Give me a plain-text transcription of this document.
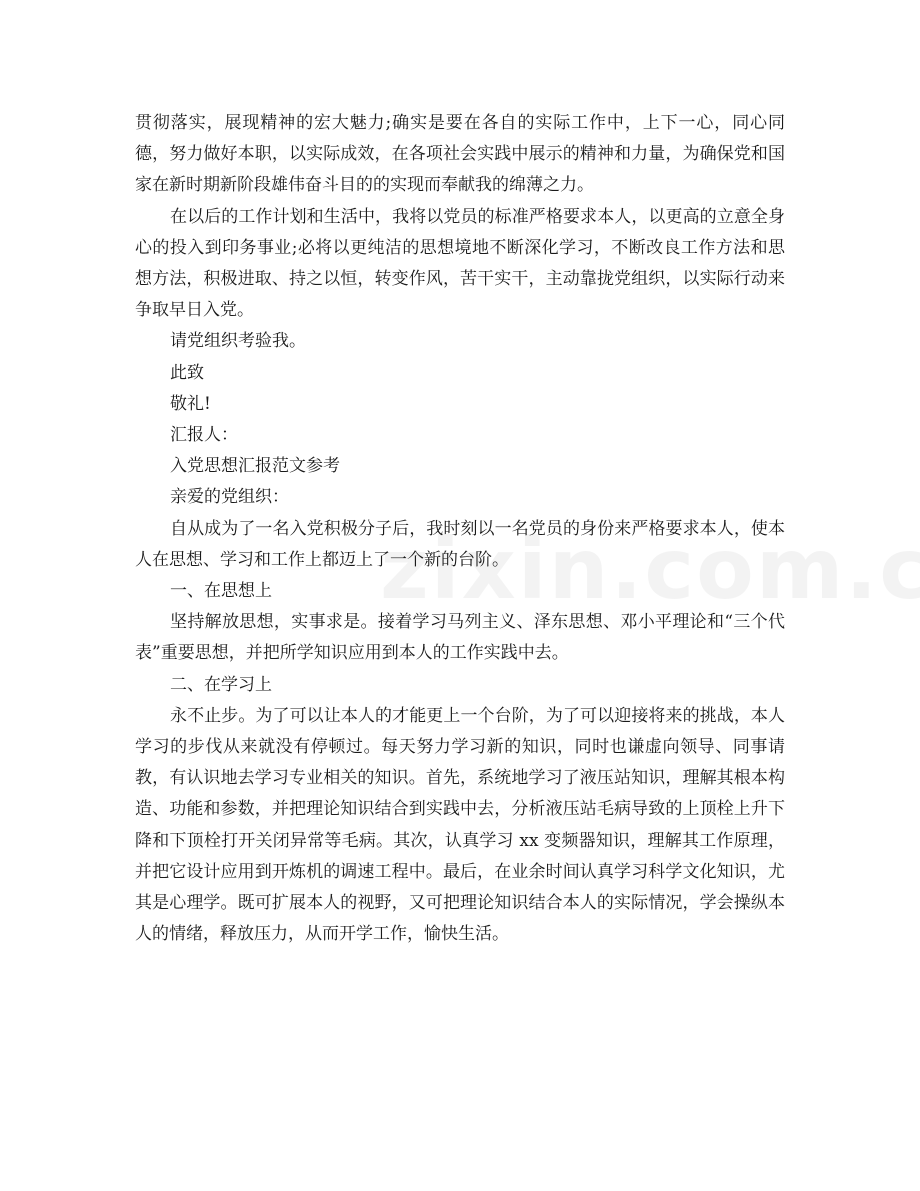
贯彻落实，展现精神的宏大魅力;确实是要在各自的实际工作中，上下一心，同心同德，努力做好本职，以实际成效，在各项社会实践中展示的精神和力量，为确保党和国家在新时期新阶段雄伟奋斗目的的实现而奉献我的绵薄之力。

在以后的工作计划和生活中，我将以党员的标准严格要求本人，以更高的立意全身心的投入到印务事业;必将以更纯洁的思想境地不断深化学习，不断改良工作方法和思想方法，积极进取、持之以恒，转变作风，苦干实干，主动靠拢党组织，以实际行动来争取早日入党。

请党组织考验我。

此致

敬礼!

汇报人：

入党思想汇报范文参考

亲爱的党组织：

自从成为了一名入党积极分子后，我时刻以一名党员的身份来严格要求本人，使本人在思想、学习和工作上都迈上了一个新的台阶。

一、在思想上

坚持解放思想，实事求是。接着学习马列主义、泽东思想、邓小平理论和“三个代表”重要思想，并把所学知识应用到本人的工作实践中去。

二、在学习上

永不止步。为了可以让本人的才能更上一个台阶，为了可以迎接将来的挑战，本人学习的步伐从来就没有停顿过。每天努力学习新的知识，同时也谦虚向领导、同事请教，有认识地去学习专业相关的知识。首先，系统地学习了液压站知识，理解其根本构造、功能和参数，并把理论知识结合到实践中去，分析液压站毛病导致的上顶栓上升下降和下顶栓打开关闭异常等毛病。其次，认真学习 xx 变频器知识，理解其工作原理，并把它设计应用到开炼机的调速工程中。最后，在业余时间认真学习科学文化知识，尤其是心理学。既可扩展本人的视野，又可把理论知识结合本人的实际情况，学会操纵本人的情绪，释放压力，从而开学工作，愉快生活。
